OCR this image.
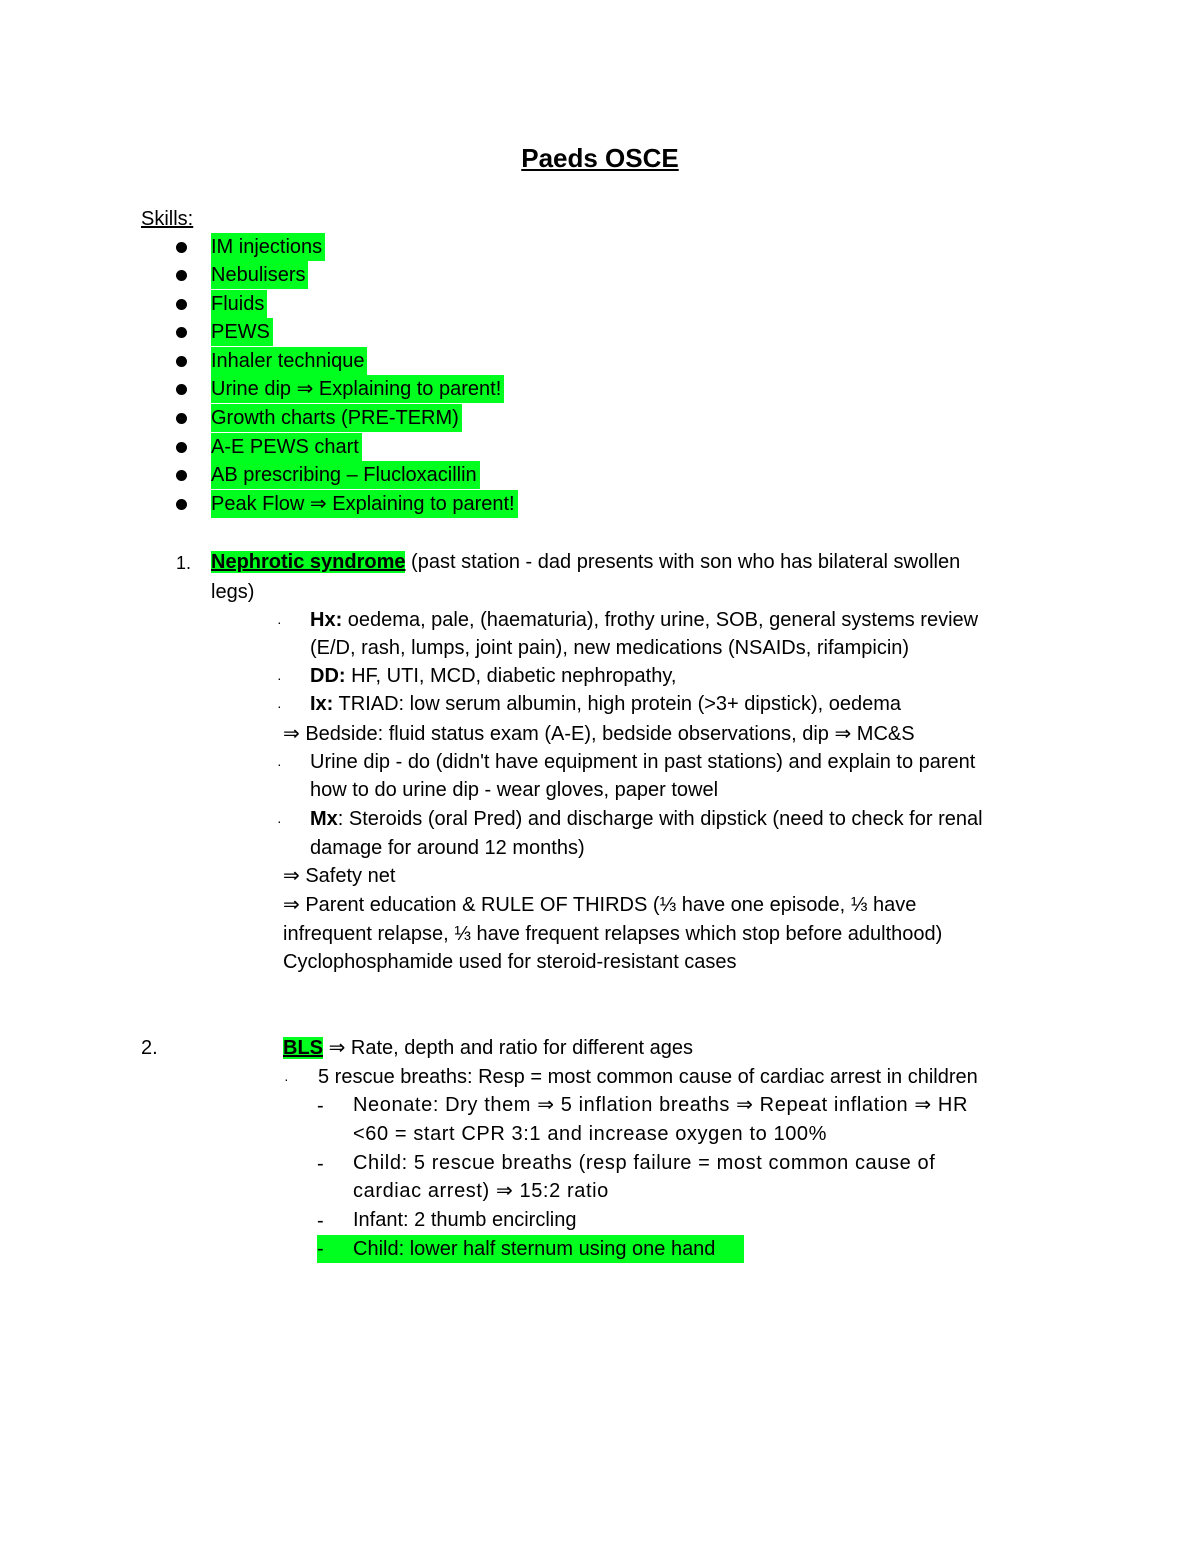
Paeds OSCE
Skills:
IM injections
Nebulisers
Fluids
PEWS
Inhaler technique
Urine dip ⇒ Explaining to parent!
Growth charts (PRE-TERM)
A-E PEWS chart
AB prescribing – Flucloxacillin
Peak Flow ⇒ Explaining to parent!
1. Nephrotic syndrome (past station - dad presents with son who has bilateral swollen
legs)
· Hx: oedema, pale, (haematuria), frothy urine, SOB, general systems review
(E/D, rash, lumps, joint pain), new medications (NSAIDs, rifampicin)
· DD: HF, UTI, MCD, diabetic nephropathy,
· Ix: TRIAD: low serum albumin, high protein (>3+ dipstick), oedema
⇒ Bedside: fluid status exam (A-E), bedside observations, dip ⇒ MC&S
· Urine dip - do (didn't have equipment in past stations) and explain to parent
how to do urine dip - wear gloves, paper towel
· Mx: Steroids (oral Pred) and discharge with dipstick (need to check for renal
damage for around 12 months)
⇒ Safety net
⇒ Parent education & RULE OF THIRDS (⅓ have one episode, ⅓ have
infrequent relapse, ⅓ have frequent relapses which stop before adulthood)
Cyclophosphamide used for steroid-resistant cases
2.	BLS ⇒ Rate, depth and ratio for different ages
· 5 rescue breaths: Resp = most common cause of cardiac arrest in children
- Neonate: Dry them ⇒ 5 inflation breaths ⇒ Repeat inflation ⇒ HR
<60 = start CPR 3:1 and increase oxygen to 100%
- Child: 5 rescue breaths (resp failure = most common cause of
cardiac arrest) ⇒ 15:2 ratio
- Infant: 2 thumb encircling
- Child: lower half sternum using one hand
